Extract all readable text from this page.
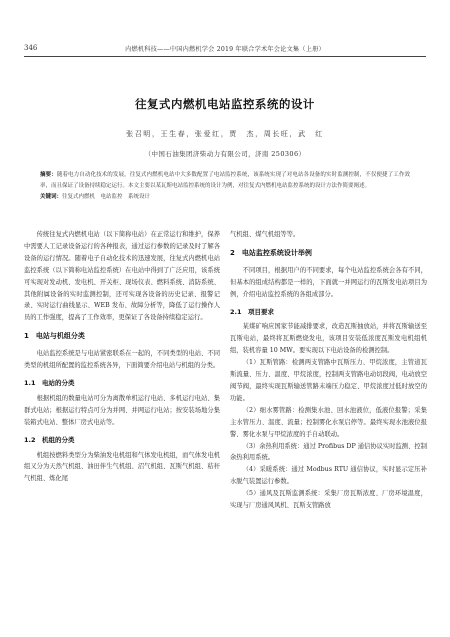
346	内燃机科技——中国内燃机学会 2019 年联合学术年会论文集（上册）
往复式内燃机电站监控系统的设计
张召明，王生春，张爱红，贾　杰，周长旺，武　红
（中国石油集团济柴动力有限公司，济南 250306）
摘要：随着电力自动化技术的发展，往复式内燃机电站中大多数配置了电站监控系统，该系统实现了对电站各设备的实时监测控制，不仅便捷了工作效率，而且保证了设备持续稳定运行。本文主要以某瓦斯电站监控系统的设计为例，对往复式内燃机电站监控系统的设计方法作简要阐述。
关键词：往复式内燃机　电站监控　系统设计

传统往复式内燃机电站（以下简称电站）在正常运行和维护，保养中需要人工记录设备运行的各种报表，通过运行参数的记录及时了解各设备的运行情况。随着电子自动化技术的迅速发展，往复式内燃机电站监控系统（以下简称电站监控系统）在电站中得到了广泛应用，该系统可实现对发动机、发电机、开关柜、现场仪表、燃料系统、消防系统、其他附属设备的实时监测控制，还可实现各设备的历史记录、报警记录、实时运行曲线显示、WEB 发布、故障分析等，降低了运行操作人员的工作强度，提高了工作效率，更保证了各设备持续稳定运行。

1　电站与机组分类

电站监控系统是与电站紧密联系在一起的，不同类型的电站、不同类型的机组所配置的监控系统各异，下面简要介绍电站与机组的分类。

1.1　电站的分类

根据机组的数量电站可分为离散单机运行电站、多机运行电站、集群式电站；根据运行特点可分为并网、并网运行电站；按安装场地分集装箱式电站、整体厂房式电站等。

1.2　机组的分类

机组按燃料类型分为柴油发电机组和气体发电机组，而气体发电机组又分为天然气机组、油田伴生气机组、沼气机组、瓦斯气机组、秸秆气机组、炼化尾

气机组、煤气机组等等。

2　电站监控系统设计举例

不同项目，根据用户的不同要求，每个电站监控系统会各有不同，但基本的组成结构都是一样的，下面就一并网运行的瓦斯发电站项目为例，介绍电站监控系统的各组成部分。

2.1　项目要求

某煤矿响应国家节能减排要求，改造瓦斯抽放站，并将瓦斯输送至瓦斯电站，最终将瓦斯燃烧发电，该项目安装低浓度瓦斯发电机组机组，装机容量 10 MW。要实现以下电站设备的检测控制。

（1）瓦斯管路：检测两支管路中瓦斯压力、甲烷浓度，主管道瓦斯流量、压力、温度、甲烷浓度，控制两支管路电动切段阀，电动放空阀节阀，最终实现瓦斯输送管路末端压力稳定、甲烷浓度过低时放空的功能。

（2）细水雾管路：检测集水池、回水池液位，低液位报警；采集主水管压力、温度、流量；控制雾化水泵启停等。最终实现水池液位报警、雾化水泵与甲烷浓度的手自动联动。

（3）余热利用系统：通过 Profibus DP 通信协议实时监测、控制余热利用系统。

（4）采暖系统：通过 Modbus RTU 通信协议，实时显示定压补水脱气装置运行参数。

（5）通风及瓦斯监测系统：采集厂房瓦斯浓度、厂房环境温度，实现与厂房通风风机、瓦斯支管路放
